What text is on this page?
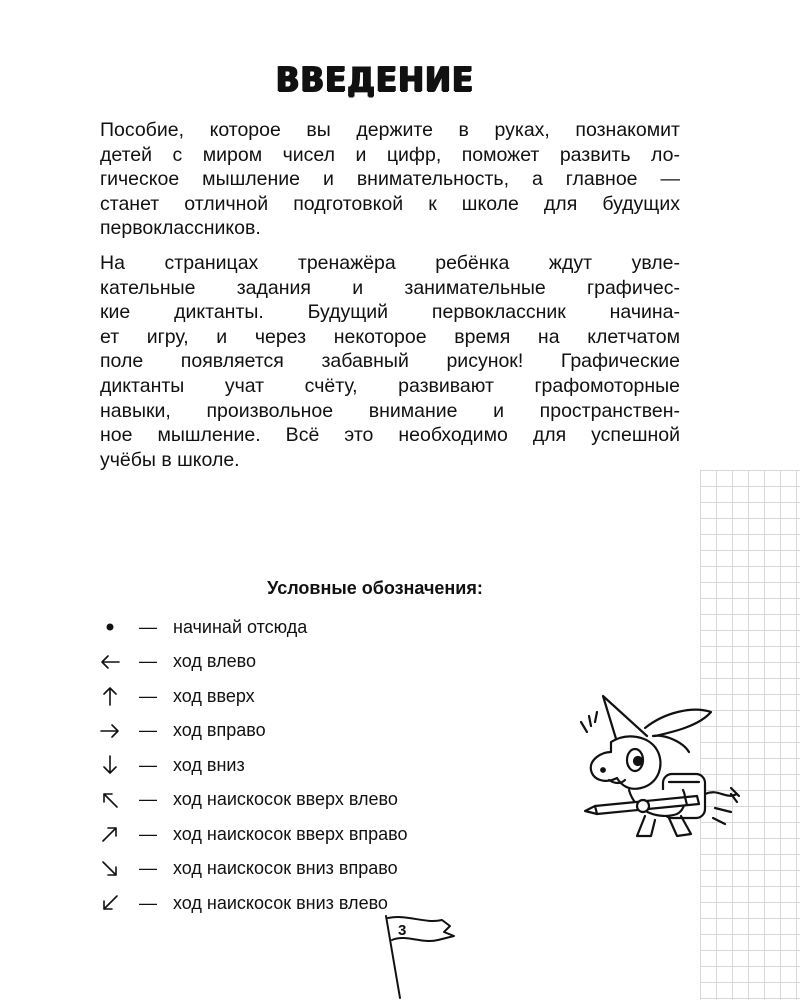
ВВЕДЕНИЕ

Пособие, которое вы держите в руках, познакомит
детей с миром чисел и цифр, поможет развить ло-
гическое мышление и внимательность, а главное —
станет отличной подготовкой к школе для будущих
первоклассников.

На страницах тренажёра ребёнка ждут увле-
кательные задания и занимательные графичес-
кие диктанты. Будущий первоклассник начина-
ет игру, и через некоторое время на клетчатом
поле появляется забавный рисунок! Графические
диктанты учат счёту, развивают графомоторные
навыки, произвольное внимание и пространствен-
ное мышление. Всё это необходимо для успешной
учёбы в школе.

Условные обозначения:
— начинай отсюда
— ход влево
— ход вверх
— ход вправо
— ход вниз
— ход наискосок вверх влево
— ход наискосок вверх вправо
— ход наискосок вниз вправо
— ход наискосок вниз влево
3
